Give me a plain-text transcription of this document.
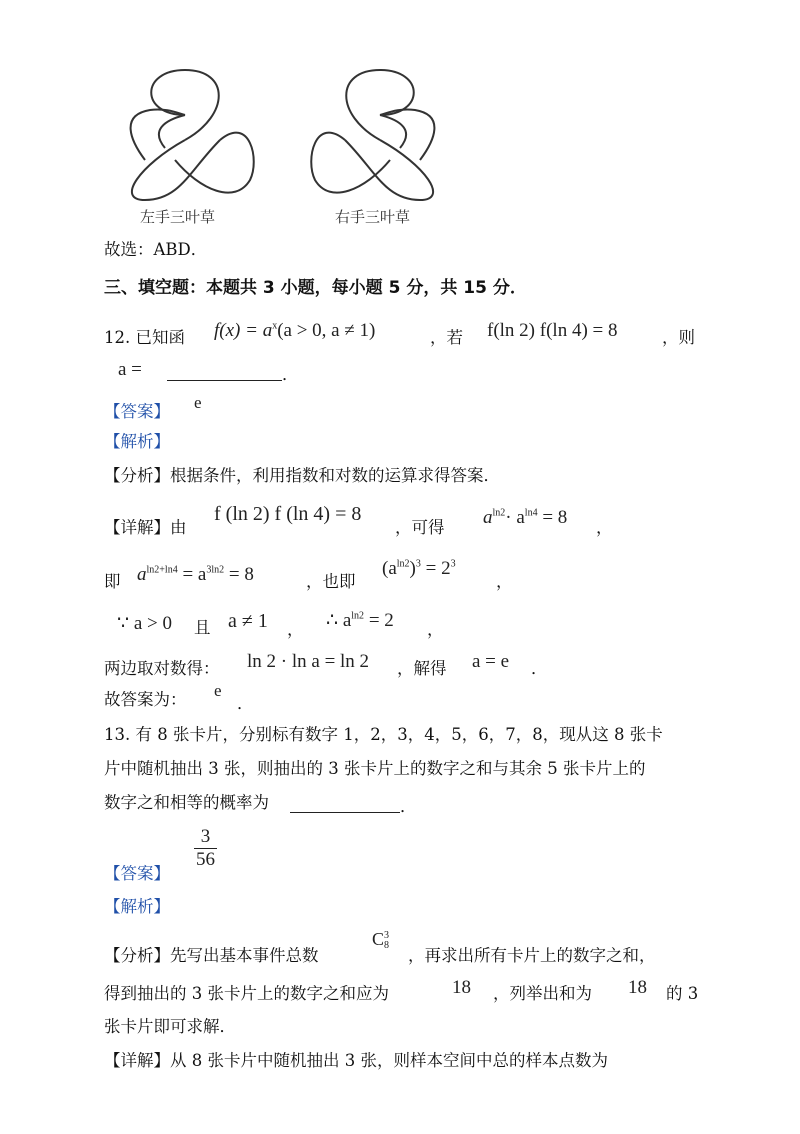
左手三叶草	右手三叶草
故选：ABD．
三、填空题：本题共 3 小题，每小题 5 分，共 15 分．
12. 已知函 $f(x) = a^x(a > 0$, a ≠ 1)	，若 f(ln 2) f(ln 4) = 8	，则
a =	．
【答案】 e
【解析】
【分析】根据条件，利用指数和对数的运算求得答案．
【详解】由
f (ln 2) f (ln 4) = 8
，可得 $a^{ln2}\cdot a^{ln4} = 8$ ，
即 $a^{ln2+ln4} = a^{3ln2} = 8$	，也即
$(a^{ln2})^3 = 2^3$
，
∵ a > 0 且 a ≠ 1 ， ∴ $a^{ln2} = 2$ ，
两边取对数得： ln 2 · ln a = ln 2 ，解得 a = e ．
故答案为： e
．
13. 有 8 张卡片，分别标有数字 1，2，3，4，5，6，7，8，现从这 8 张卡
片中随机抽出 3 张，则抽出的 3 张卡片上的数字之和与其余 5 张卡片上的
数字之和相等的概率为	．
【答案】
$\frac{3}{56}$
【解析】
【分析】先写出基本事件总数
C 3
8
，再求出所有卡片上的数字之和，
得到抽出的 3 张卡片上的数字之和应为	18 ，列举出和为 18 的 3
张卡片即可求解．
【详解】从 8 张卡片中随机抽出 3 张，则样本空间中总的样本点数为
